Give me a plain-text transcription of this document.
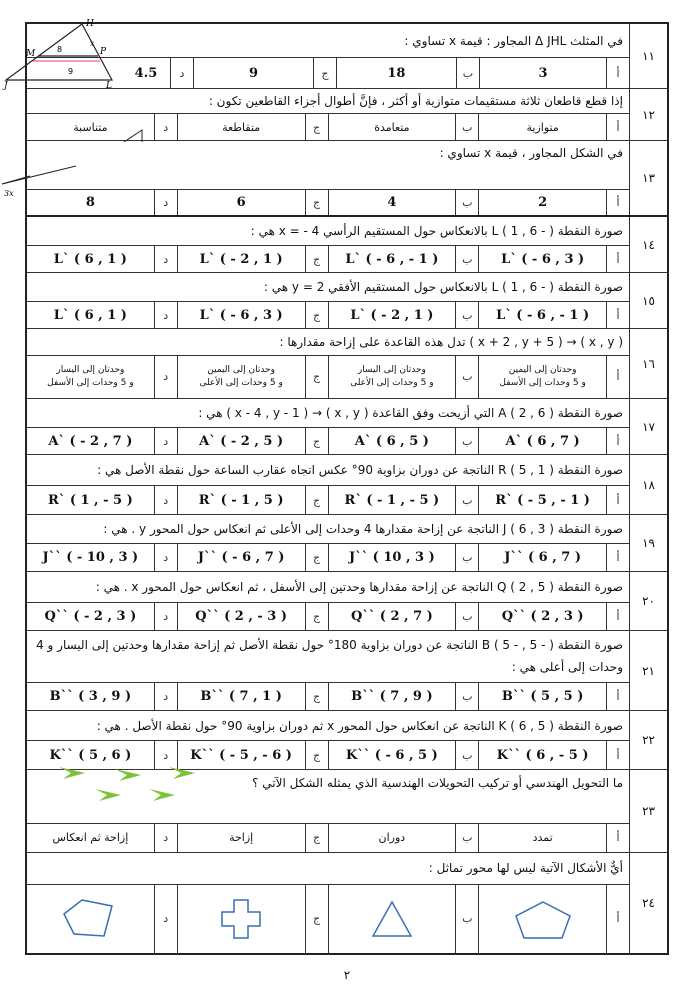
في المثلث Δ JHL المجاور : قيمة x تساوي :
أ
3
ب
18
ج
9
د
4.5
١١
إذا قطع قاطعان ثلاثة مستقيمات متوازية أو أكثر ، فإنَّ أطوال أجزاء القاطعين تكون :
أ
متوازية
ب
متعامدة
ج
متقاطعة
د
متناسبة
١٢
في الشكل المجاور ، قيمة x تساوي :
أ
2
ب
4
ج
6
د
8
١٣
صورة النقطة L ( 1 , 6 - ) بالانعكاس حول المستقيم الرأسي x = - 4 هي :
أ
L` ( - 6 , 3 )
ب
L` ( - 6 , - 1 )
ج
L` ( - 2 , 1 )
د
L` ( 6 , 1 )
١٤
صورة النقطة L ( 1 , 6 - ) بالانعكاس حول المستقيم الأفقي y = 2 هي :
أ
L` ( - 6 , - 1 )
ب
L` ( - 2 , 1 )
ج
L` ( - 6 , 3 )
د
L` ( 6 , 1 )
١٥
( x , y ) → ( x + 2 , y + 5 ) تدل هذه القاعدة على إزاحة مقدارها :
أ
وحدتان إلى اليمين
و 5 وحدات إلى الأسفل
ب
وحدتان إلى اليسار
و 5 وحدات إلى الأعلى
ج
وحدتان إلى اليمين
و 5 وحدات إلى الأعلى
د
وحدتان إلى اليسار
و 5 وحدات إلى الأسفل
١٦
صورة النقطة A ( 2 , 6 ) التي أزيحت وفق القاعدة ( x , y ) → ( x - 4 , y - 1 ) هي :
أ
A` ( 6 , 7 )
ب
A` ( 6 , 5 )
ج
A` ( - 2 , 5 )
د
A` ( - 2 , 7 )
١٧
صورة النقطة R ( 5 , 1 ) الناتجة عن دوران بزاوية 90° عكس اتجاه عقارب الساعة حول نقطة الأصل هي :
أ
R` ( - 5 , - 1 )
ب
R` ( - 1 , - 5 )
ج
R` ( - 1 , 5 )
د
R` ( 1 , - 5 )
١٨
صورة النقطة J ( 6 , 3 ) الناتجة عن إزاحة مقدارها 4 وحدات إلى الأعلى ثم انعكاس حول المحور y . هي :
أ
J`` ( 6 , 7 )
ب
J`` ( 10 , 3 )
ج
J`` ( - 6 , 7 )
د
J`` ( - 10 , 3 )
١٩
صورة النقطة Q ( 2 , 5 ) الناتجة عن إزاحة مقدارها وحدتين إلى الأسفل ، ثم انعكاس حول المحور x . هي :
أ
Q`` ( 2 , 3 )
ب
Q`` ( 2 , 7 )
ج
Q`` ( 2 , - 3 )
د
Q`` ( - 2 , 3 )
٢٠
صورة النقطة B ( 5 - , 5 - ) الناتجة عن دوران بزاوية 180° حول نقطة الأصل ثم إزاحة مقدارها وحدتين إلى اليسار و 4 وحدات إلى أعلى هي :
أ
B`` ( 5 , 5 )
ب
B`` ( 7 , 9 )
ج
B`` ( 7 , 1 )
د
B`` ( 3 , 9 )
٢١
صورة النقطة K ( 6 , 5 ) الناتجة عن انعكاس حول المحور x ثم دوران بزاوية 90° حول نقطة الأصل . هي :
أ
K`` ( 6 , - 5 )
ب
K`` ( - 6 , 5 )
ج
K`` ( - 5 , - 6 )
د
K`` ( 5 , 6 )
٢٢
ما التحويل الهندسي أو تركيب التحويلات الهندسية الذي يمثله الشكل الآتي ؟
أ
تمدد
ب
دوران
ج
إزاحة
د
إزاحة ثم انعكاس
٢٣
أيٌّ الأشكال الآتية ليس لها محور تماثل :
أ
ب
ج
د
٢٤
H
M	P
J	L
9
x
8
3x
٢
